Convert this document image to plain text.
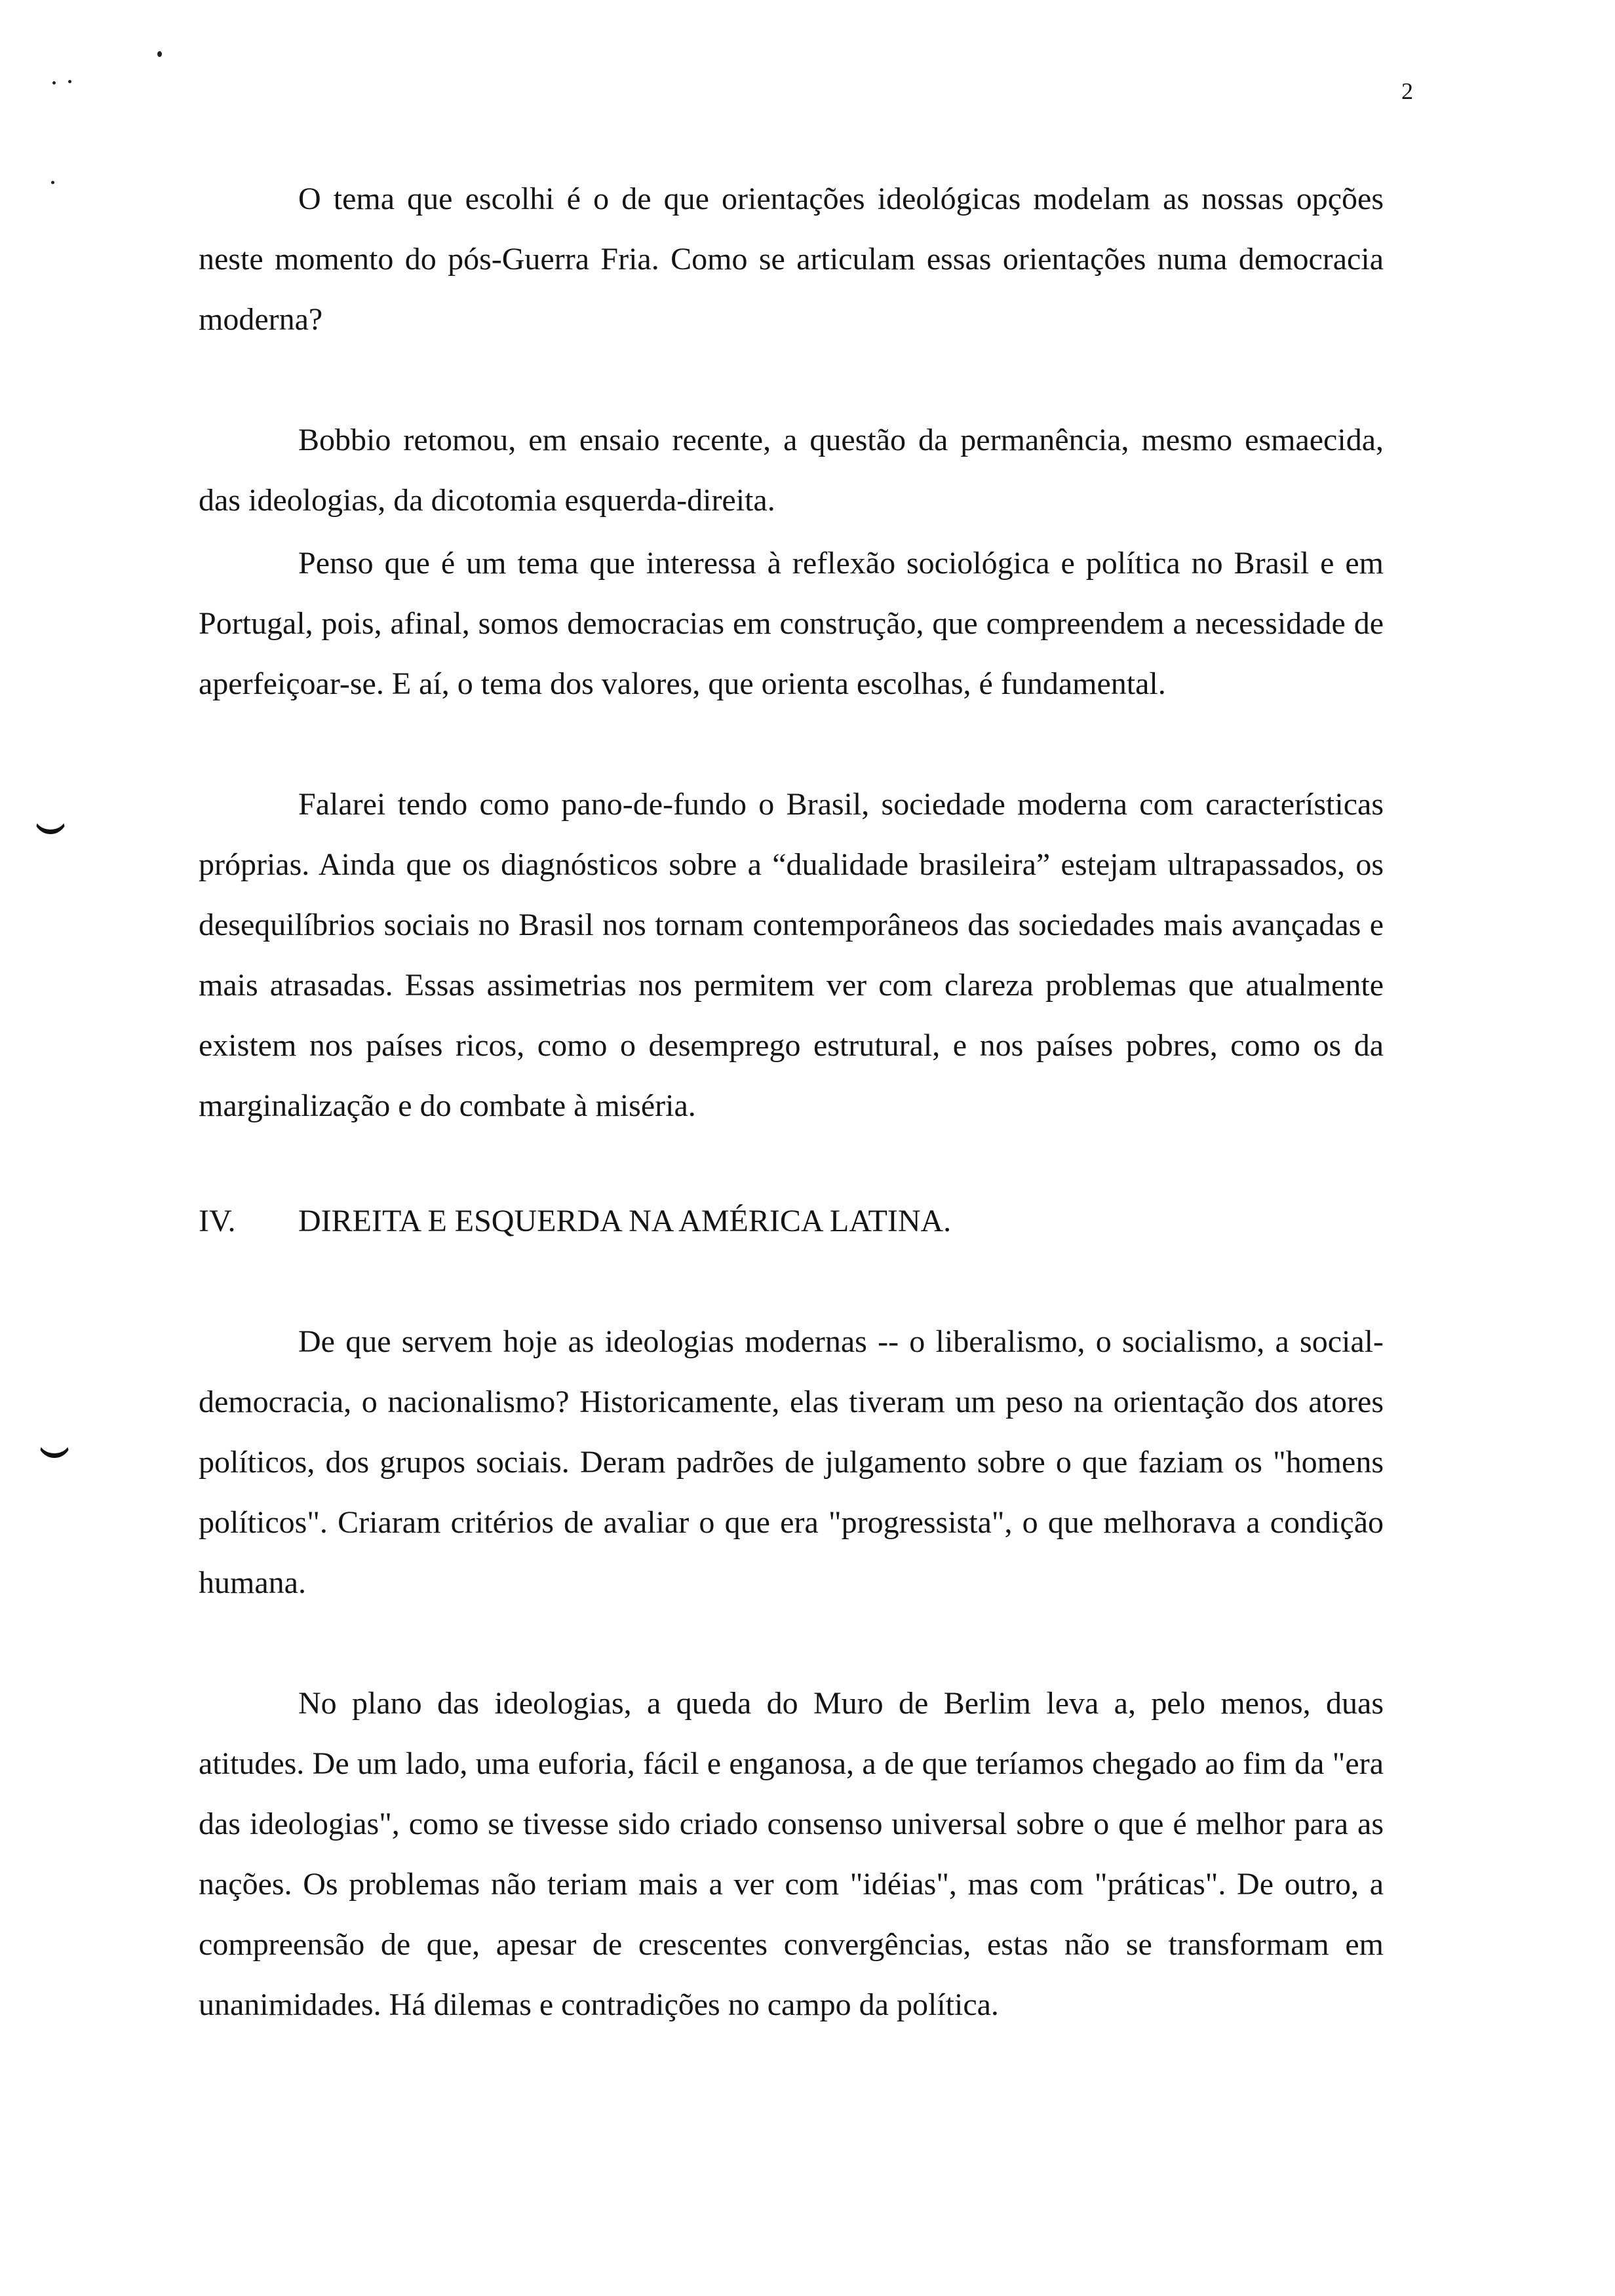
2

O tema que escolhi é o de que orientações ideológicas modelam as nossas opções neste momento do pós-Guerra Fria. Como se articulam essas orientações numa democracia moderna?

Bobbio retomou, em ensaio recente, a questão da permanência, mesmo esmaecida, das ideologias, da dicotomia esquerda-direita.

Penso que é um tema que interessa à reflexão sociológica e política no Brasil e em Portugal, pois, afinal, somos democracias em construção, que compreendem a necessidade de aperfeiçoar-se. E aí, o tema dos valores, que orienta escolhas, é fundamental.

Falarei tendo como pano-de-fundo o Brasil, sociedade moderna com características próprias. Ainda que os diagnósticos sobre a “dualidade brasileira” estejam ultrapassados, os desequilíbrios sociais no Brasil nos tornam contemporâneos das sociedades mais avançadas e mais atrasadas. Essas assimetrias nos permitem ver com clareza problemas que atualmente existem nos países ricos, como o desemprego estrutural, e nos países pobres, como os da marginalização e do combate à miséria.

IV.	DIREITA E ESQUERDA NA AMÉRICA LATINA.

De que servem hoje as ideologias modernas -- o liberalismo, o socialismo, a social-democracia, o nacionalismo? Historicamente, elas tiveram um peso na orientação dos atores políticos, dos grupos sociais. Deram padrões de julgamento sobre o que faziam os "homens políticos". Criaram critérios de avaliar o que era "progressista", o que melhorava a condição humana.

No plano das ideologias, a queda do Muro de Berlim leva a, pelo menos, duas atitudes. De um lado, uma euforia, fácil e enganosa, a de que teríamos chegado ao fim da "era das ideologias", como se tivesse sido criado consenso universal sobre o que é melhor para as nações. Os problemas não teriam mais a ver com "idéias", mas com "práticas". De outro, a compreensão de que, apesar de crescentes convergências, estas não se transformam em unanimidades. Há dilemas e contradições no campo da política.
